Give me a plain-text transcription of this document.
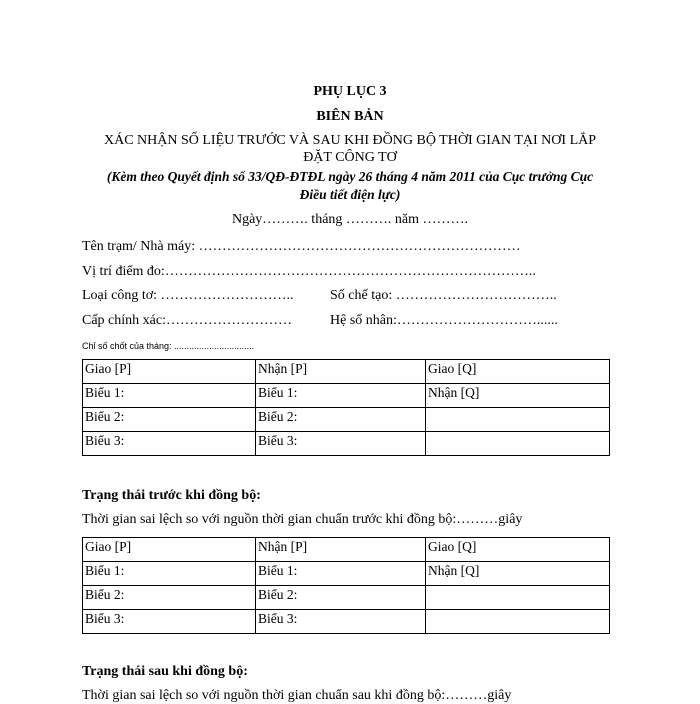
PHỤ LỤC 3
BIÊN BẢN
XÁC NHẬN SỐ LIỆU TRƯỚC VÀ SAU KHI ĐỒNG BỘ THỜI GIAN TẠI NƠI LẮP
ĐẶT CÔNG TƠ
(Kèm theo Quyết định số 33/QĐ-ĐTĐL ngày 26 tháng 4 năm 2011 của Cục trưởng Cục
Điều tiết điện lực)
Ngày………. tháng ………. năm ……….
Tên trạm/ Nhà máy: ……………………………………………………………
Vị trí điểm đo:……………………………………………………………………..
Loại công tơ: ………………………..	Số chế tạo: ……………………………..
Cấp chính xác:………………………	Hệ số nhân:…………………………......
Chỉ số chốt của tháng: ................................
Giao [P]	Nhận [P]	Giao [Q]
Biểu 1:	Biểu 1:	Nhận [Q]
Biểu 2:	Biểu 2:	
Biểu 3:	Biểu 3:	
Trạng thái trước khi đồng bộ:
Thời gian sai lệch so với nguồn thời gian chuẩn trước khi đồng bộ:………giây
Giao [P]	Nhận [P]	Giao [Q]
Biểu 1:	Biểu 1:	Nhận [Q]
Biểu 2:	Biểu 2:	
Biểu 3:	Biểu 3:	
Trạng thái sau khi đồng bộ:
Thời gian sai lệch so với nguồn thời gian chuẩn sau khi đồng bộ:………giây
